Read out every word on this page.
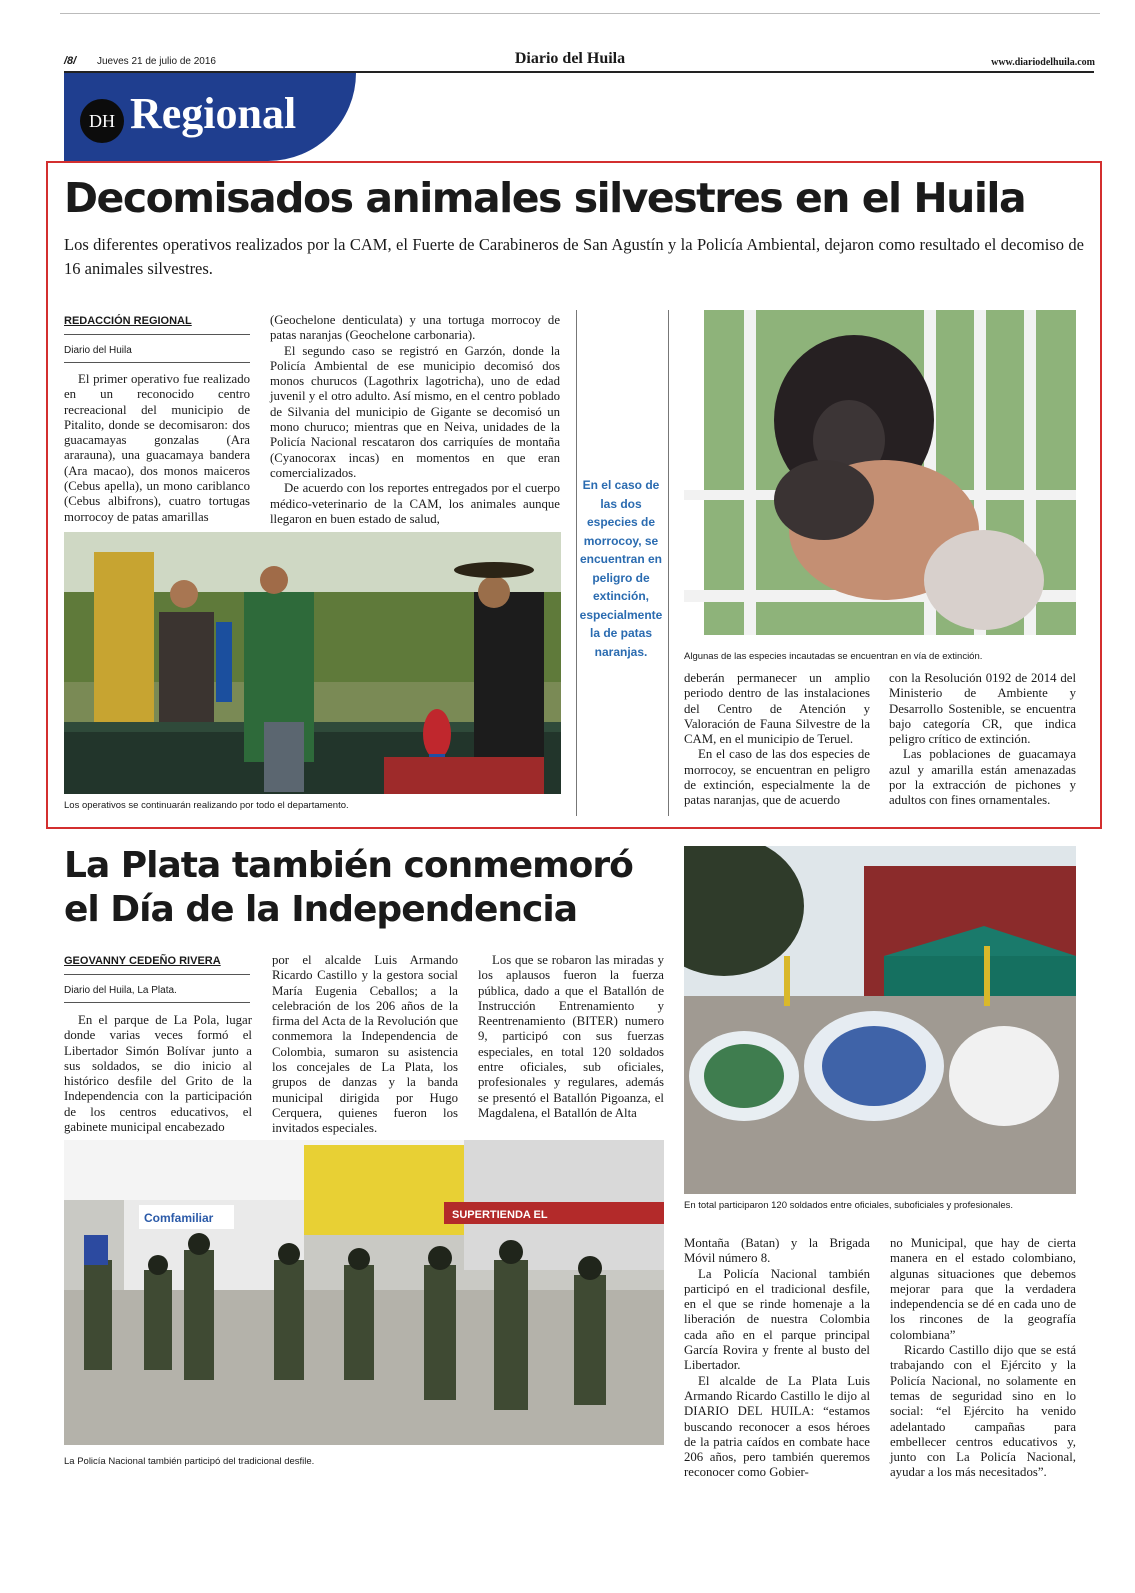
/8/ Jueves 21 de julio de 2016	Diario del Huila	www.diariodelhuila.com
DH Regional
Decomisados animales silvestres en el Huila
Los diferentes operativos realizados por la CAM, el Fuerte de Carabineros de San Agustín y la Policía Ambiental, dejaron como resultado el decomiso de 16 animales silvestres.
REDACCIÓN REGIONAL
Diario del Huila

El primer operativo fue realizado en un reconocido centro recreacional del municipio de Pitalito, donde se decomisaron: dos guacamayas gonzalas (Ara ararauna), una guacamaya bandera (Ara macao), dos monos maiceros (Cebus apella), un mono cariblanco (Cebus albifrons), cuatro tortugas morrocoy de patas amarillas

(Geochelone denticulata) y una tortuga morrocoy de patas naranjas (Geochelone carbonaria).

El segundo caso se registró en Garzón, donde la Policía Ambiental de ese municipio decomisó dos monos churucos (Lagothrix lagotricha), uno de edad juvenil y el otro adulto. Así mismo, en el centro poblado de Silvania del municipio de Gigante se decomisó un mono churuco; mientras que en Neiva, unidades de la Policía Nacional rescataron dos carriquíes de montaña (Cyanocorax incas) en momentos en que eran comercializados.

De acuerdo con los reportes entregados por el cuerpo médico-veterinario de la CAM, los animales aunque llegaron en buen estado de salud,

Los operativos se continuarán realizando por todo el departamento.
En el caso de las dos especies de morrocoy, se encuentran en peligro de extinción, especialmente la de patas naranjas.	Algunas de las especies incautadas se encuentran en vía de extinción.

deberán permanecer un amplio periodo dentro de las instalaciones del Centro de Atención y Valoración de Fauna Silvestre de la CAM, en el municipio de Teruel.

En el caso de las dos especies de morrocoy, se encuentran en peligro de extinción, especialmente la de patas naranjas, que de acuerdo

con la Resolución 0192 de 2014 del Ministerio de Ambiente y Desarrollo Sostenible, se encuentra bajo categoría CR, que indica peligro crítico de extinción.

Las poblaciones de guacamaya azul y amarilla están amenazadas por la extracción de pichones y adultos con fines ornamentales.

La Plata también conmemoró el Día de la Independencia
GEOVANNY CEDEÑO RIVERA
Diario del Huila, La Plata.

En el parque de La Pola, lugar donde varias veces formó el Libertador Simón Bolívar junto a sus soldados, se dio inicio al histórico desfile del Grito de la Independencia con la participación de los centros educativos, el gabinete municipal encabezado

por el alcalde Luis Armando Ricardo Castillo y la gestora social María Eugenia Ceballos; a la celebración de los 206 años de la firma del Acta de la Revolución que conmemora la Independencia de Colombia, sumaron su asistencia los concejales de La Plata, los grupos de danzas y la banda municipal dirigida por Hugo Cerquera, quienes fueron los invitados especiales.

Los que se robaron las miradas y los aplausos fueron la fuerza pública, dado a que el Batallón de Instrucción Entrenamiento y Reentrenamiento (BITER) numero 9, participó con sus fuerzas especiales, en total 120 soldados entre oficiales, sub oficiales, profesionales y regulares, además se presentó el Batallón Pigoanza, el Magdalena, el Batallón de Alta

En total participaron 120 soldados entre oficiales, suboficiales y profesionales.
Comfamiliar	SUPERTIENDA EL
La Policía Nacional también participó del tradicional desfile.

Montaña (Batan) y la Brigada Móvil número 8.

La Policía Nacional también participó en el tradicional desfile, en el que se rinde homenaje a la liberación de nuestra Colombia cada año en el parque principal García Rovira y frente al busto del Libertador.

El alcalde de La Plata Luis Armando Ricardo Castillo le dijo al DIARIO DEL HUILA: “estamos buscando reconocer a esos héroes de la patria caídos en combate hace 206 años, pero también queremos reconocer como Gobier-

no Municipal, que hay de cierta manera en el estado colombiano, algunas situaciones que debemos mejorar para que la verdadera independencia se dé en cada uno de los rincones de la geografía colombiana”

Ricardo Castillo dijo que se está trabajando con el Ejército y la Policía Nacional, no solamente en temas de seguridad sino en lo social: “el Ejército ha venido adelantado campañas para embellecer centros educativos y, junto con La Policía Nacional, ayudar a los más necesitados”.
